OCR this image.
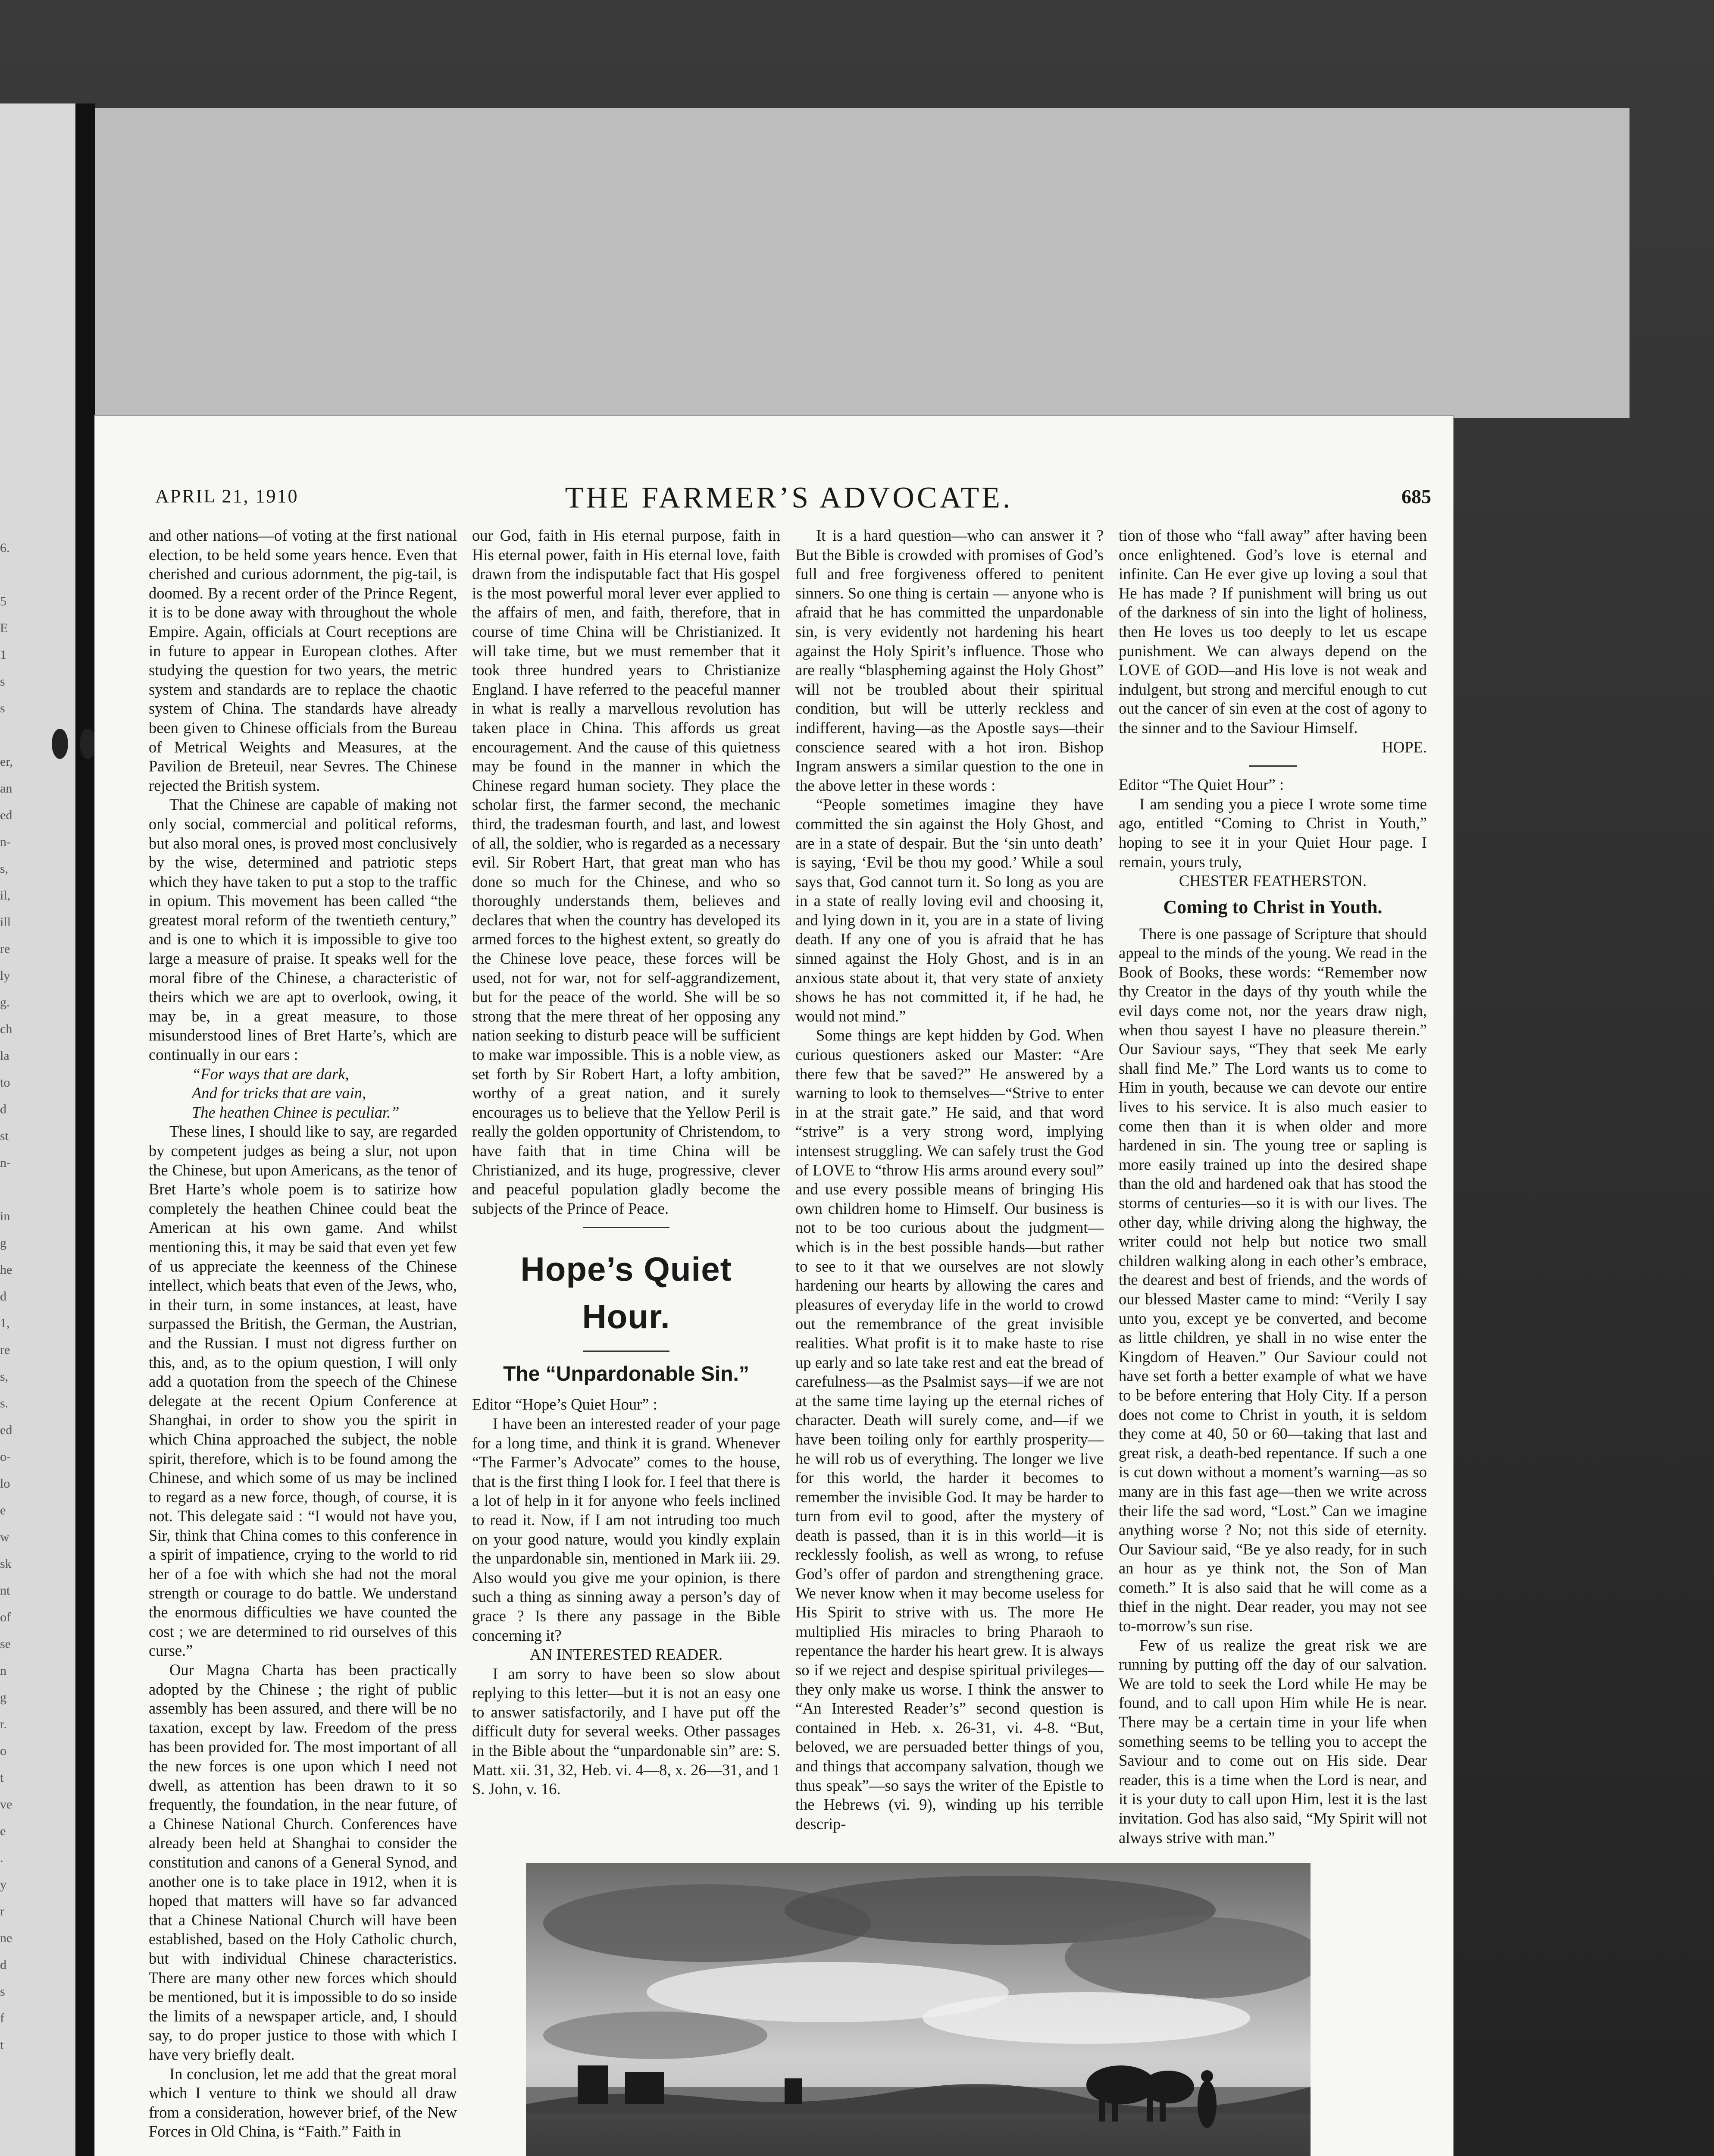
6.

5
E
1
s
s

er,
an
ed
n-
s,
il,
ill
re
ly
g.
ch
la
to
d
st
n-

in
g
he
d
1,
re
s,
s.
ed
o-
lo
e
w
sk
nt
of
se
n
g
r.
o
t
ve
e
.
y
r
ne
d
s
f
t

APRIL 21, 1910	THE FARMER’S ADVOCATE.	685

and other nations—of voting at the first national election, to be held some years hence. Even that cherished and curious adornment, the pig-tail, is doomed. By a recent order of the Prince Regent, it is to be done away with throughout the whole Empire. Again, officials at Court receptions are in future to appear in European clothes. After studying the question for two years, the metric system and standards are to replace the chaotic system of China. The standards have already been given to Chinese officials from the Bureau of Metrical Weights and Measures, at the Pavilion de Breteuil, near Sevres. The Chinese rejected the British system.

That the Chinese are capable of making not only social, commercial and political reforms, but also moral ones, is proved most conclusively by the wise, determined and patriotic steps which they have taken to put a stop to the traffic in opium. This movement has been called “the greatest moral reform of the twentieth century,” and is one to which it is impossible to give too large a measure of praise. It speaks well for the moral fibre of the Chinese, a characteristic of theirs which we are apt to overlook, owing, it may be, in a great measure, to those misunderstood lines of Bret Harte’s, which are continually in our ears :

“For ways that are dark,

And for tricks that are vain,

The heathen Chinee is peculiar.”

These lines, I should like to say, are regarded by competent judges as being a slur, not upon the Chinese, but upon Americans, as the tenor of Bret Harte’s whole poem is to satirize how completely the heathen Chinee could beat the American at his own game. And whilst mentioning this, it may be said that even yet few of us appreciate the keenness of the Chinese intellect, which beats that even of the Jews, who, in their turn, in some instances, at least, have surpassed the British, the German, the Austrian, and the Russian. I must not digress further on this, and, as to the opium question, I will only add a quotation from the speech of the Chinese delegate at the recent Opium Conference at Shanghai, in order to show you the spirit in which China approached the subject, the noble spirit, therefore, which is to be found among the Chinese, and which some of us may be inclined to regard as a new force, though, of course, it is not. This delegate said : “I would not have you, Sir, think that China comes to this conference in a spirit of impatience, crying to the world to rid her of a foe with which she had not the moral strength or courage to do battle. We understand the enormous difficulties we have counted the cost ; we are determined to rid ourselves of this curse.”

Our Magna Charta has been practically adopted by the Chinese ; the right of public assembly has been assured, and there will be no taxation, except by law. Freedom of the press has been provided for. The most important of all the new forces is one upon which I need not dwell, as attention has been drawn to it so frequently, the foundation, in the near future, of a Chinese National Church. Conferences have already been held at Shanghai to consider the constitution and canons of a General Synod, and another one is to take place in 1912, when it is hoped that matters will have so far advanced that a Chinese National Church will have been established, based on the Holy Catholic church, but with individual Chinese characteristics. There are many other new forces which should be mentioned, but it is impossible to do so inside the limits of a newspaper article, and, I should say, to do proper justice to those with which I have very briefly dealt.

In conclusion, let me add that the great moral which I venture to think we should all draw from a consideration, however brief, of the New Forces in Old China, is “Faith.” Faith in

our God, faith in His eternal purpose, faith in His eternal power, faith in His eternal love, faith drawn from the indisputable fact that His gospel is the most powerful moral lever ever applied to the affairs of men, and faith, therefore, that in course of time China will be Christianized. It will take time, but we must remember that it took three hundred years to Christianize England. I have referred to the peaceful manner in what is really a marvellous revolution has taken place in China. This affords us great encouragement. And the cause of this quietness may be found in the manner in which the Chinese regard human society. They place the scholar first, the farmer second, the mechanic third, the tradesman fourth, and last, and lowest of all, the soldier, who is regarded as a necessary evil. Sir Robert Hart, that great man who has done so much for the Chinese, and who so thoroughly understands them, believes and declares that when the country has developed its armed forces to the highest extent, so greatly do the Chinese love peace, these forces will be used, not for war, not for self-aggrandizement, but for the peace of the world. She will be so strong that the mere threat of her opposing any nation seeking to disturb peace will be sufficient to make war impossible. This is a noble view, as set forth by Sir Robert Hart, a lofty ambition, worthy of a great nation, and it surely encourages us to believe that the Yellow Peril is really the golden opportunity of Christendom, to have faith that in time China will be Christianized, and its huge, progressive, clever and peaceful population gladly become the subjects of the Prince of Peace.

Hope’s Quiet Hour.
The “Unpardonable Sin.”

Editor “Hope’s Quiet Hour” :

I have been an interested reader of your page for a long time, and think it is grand. Whenever “The Farmer’s Advocate” comes to the house, that is the first thing I look for. I feel that there is a lot of help in it for anyone who feels inclined to read it. Now, if I am not intruding too much on your good nature, would you kindly explain the unpardonable sin, mentioned in Mark iii. 29. Also would you give me your opinion, is there such a thing as sinning away a person’s day of grace ? Is there any passage in the Bible concerning it?

AN INTERESTED READER.

I am sorry to have been so slow about replying to this letter—but it is not an easy one to answer satisfactorily, and I have put off the difficult duty for several weeks. Other passages in the Bible about the “unpardonable sin” are: S. Matt. xii. 31, 32, Heb. vi. 4—8, x. 26—31, and 1 S. John, v. 16.

It is a hard question—who can answer it ? But the Bible is crowded with promises of God’s full and free forgiveness offered to penitent sinners. So one thing is certain — anyone who is afraid that he has committed the unpardonable sin, is very evidently not hardening his heart against the Holy Spirit’s influence. Those who are really “blaspheming against the Holy Ghost” will not be troubled about their spiritual condition, but will be utterly reckless and indifferent, having—as the Apostle says—their conscience seared with a hot iron. Bishop Ingram answers a similar question to the one in the above letter in these words :

“People sometimes imagine they have committed the sin against the Holy Ghost, and are in a state of despair. But the ‘sin unto death’ is saying, ‘Evil be thou my good.’ While a soul says that, God cannot turn it. So long as you are in a state of really loving evil and choosing it, and lying down in it, you are in a state of living death. If any one of you is afraid that he has sinned against the Holy Ghost, and is in an anxious state about it, that very state of anxiety shows he has not committed it, if he had, he would not mind.”

Some things are kept hidden by God. When curious questioners asked our Master: “Are there few that be saved?” He answered by a warning to look to themselves—“Strive to enter in at the strait gate.” He said, and that word “strive” is a very strong word, implying intensest struggling. We can safely trust the God of LOVE to “throw His arms around every soul” and use every possible means of bringing His own children home to Himself. Our business is not to be too curious about the judgment—which is in the best possible hands—but rather to see to it that we ourselves are not slowly hardening our hearts by allowing the cares and pleasures of everyday life in the world to crowd out the remembrance of the great invisible realities. What profit is it to make haste to rise up early and so late take rest and eat the bread of carefulness—as the Psalmist says—if we are not at the same time laying up the eternal riches of character. Death will surely come, and—if we have been toiling only for earthly prosperity—he will rob us of everything. The longer we live for this world, the harder it becomes to remember the invisible God. It may be harder to turn from evil to good, after the mystery of death is passed, than it is in this world—it is recklessly foolish, as well as wrong, to refuse God’s offer of pardon and strengthening grace. We never know when it may become useless for His Spirit to strive with us. The more He multiplied His miracles to bring Pharaoh to repentance the harder his heart grew. It is always so if we reject and despise spiritual privileges—they only make us worse. I think the answer to “An Interested Reader’s” second question is contained in Heb. x. 26-31, vi. 4-8. “But, beloved, we are persuaded better things of you, and things that accompany salvation, though we thus speak”—so says the writer of the Epistle to the Hebrews (vi. 9), winding up his terrible descrip-

tion of those who “fall away” after having been once enlightened. God’s love is eternal and infinite. Can He ever give up loving a soul that He has made ? If punishment will bring us out of the darkness of sin into the light of holiness, then He loves us too deeply to let us escape punishment. We can always depend on the LOVE of GOD—and His love is not weak and indulgent, but strong and merciful enough to cut out the cancer of sin even at the cost of agony to the sinner and to the Saviour Himself.

HOPE.

Editor “The Quiet Hour” :

I am sending you a piece I wrote some time ago, entitled “Coming to Christ in Youth,” hoping to see it in your Quiet Hour page. I remain, yours truly,

CHESTER FEATHERSTON.

Coming to Christ in Youth.

There is one passage of Scripture that should appeal to the minds of the young. We read in the Book of Books, these words: “Remember now thy Creator in the days of thy youth while the evil days come not, nor the years draw nigh, when thou sayest I have no pleasure therein.” Our Saviour says, “They that seek Me early shall find Me.” The Lord wants us to come to Him in youth, because we can devote our entire lives to his service. It is also much easier to come then than it is when older and more hardened in sin. The young tree or sapling is more easily trained up into the desired shape than the old and hardened oak that has stood the storms of centuries—so it is with our lives. The other day, while driving along the highway, the writer could not help but notice two small children walking along in each other’s embrace, the dearest and best of friends, and the words of our blessed Master came to mind: “Verily I say unto you, except ye be converted, and become as little children, ye shall in no wise enter the Kingdom of Heaven.” Our Saviour could not have set forth a better example of what we have to be before entering that Holy City. If a person does not come to Christ in youth, it is seldom they come at 40, 50 or 60—taking that last and great risk, a death-bed repentance. If such a one is cut down without a moment’s warning—as so many are in this fast age—then we write across their life the sad word, “Lost.” Can we imagine anything worse ? No; not this side of eternity. Our Saviour said, “Be ye also ready, for in such an hour as ye think not, the Son of Man cometh.” It is also said that he will come as a thief in the night. Dear reader, you may not see to-morrow’s sun rise.

Few of us realize the great risk we are running by putting off the day of our salvation. We are told to seek the Lord while He may be found, and to call upon Him while He is near. There may be a certain time in your life when something seems to be telling you to accept the Saviour and to come out on His side. Dear reader, this is a time when the Lord is near, and it is your duty to call upon Him, lest it is the last invitation. God has also said, “My Spirit will not always strive with man.”
